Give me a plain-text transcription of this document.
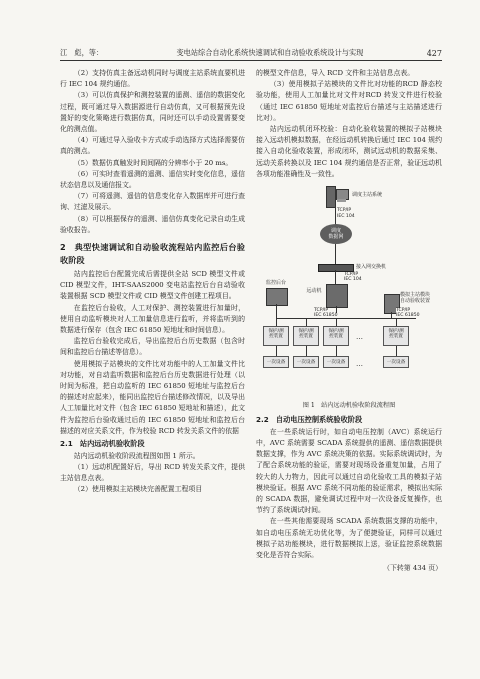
江　彪，等：	变电站综合自动化系统快速调试和自动验收系统设计与实现	427

（2）支持仿真主备远动机同时与调度主站系统直要机进行 IEC 104 规约通信。

（3）可以仿真保护和测控装置的遥测、遥信的数据变化过程，既可通过导入数据源进行自动仿真，又可根据预先设置好的变化策略进行数据仿真，同时还可以手动设置需要变化的测点值。

（4）可通过导入验收卡方式或手动选择方式选择需要仿真的测点。

（5）数据仿真触发时间间隔的分辨率小于 20 ms。

（6）可实时查看遥测的遥测、遥信实时变化信息，遥信状态信息以及通信报文。

（7）可将遥测、遥信的信息变化存入数据库并可进行查询、过滤及展示。

（8）可以根据保存的遥测、遥信仿真变化记录自动生成验收报告。

2　典型快速调试和自动验收流程站内监控后台验收阶段

站内监控后台配置完成后需提供全站 SCD 模型文件或 CID 模型文件，IHT-SAAS2000 变电站监控后台自动验收装置根据 SCD 模型文件或 CID 模型文件创建工程项目。

在监控后台验收，人工对保护、测控装置进行加量时，使用自动监听模块对人工加量信息进行监听，并将监听到的数据进行保存（包含 IEC 61850 短地址和时间信息）。

监控后台验收完成后，导出监控后台历史数据（包含时间和监控后台描述等信息）。

使用模拟子站模块的文件比对功能中的人工加量文件比对功能，对自动监听数据和监控后台历史数据进行处理（以时间为标准，把自动监听的 IEC 61850 短地址与监控后台的描述对应起来），能同出监控后台描述修改情况，以及导出人工加量比对文件（包含 IEC 61850 短地址和描述），此文件为监控后台验收通过后的 IEC 61850 短地址和监控后台描述的对应关系文件，作为校验 RCD 转发关系文件的依据

2.1　站内远动机验收阶段

站内远动机验收阶段流程图如图 1 所示。

（1）远动机配置好后，导出 RCD 转发关系文件，提供主站信息点表。

（2）使用模拟主站模块完善配置工程项目

的模型文件信息，导入 RCD 文件和主站信息点表。

（3）使用模拟子站模块的文件比对功能的RCD 静态校验功能，使用人工加量比对文件对RCD 转发文件进行校验（通过 IEC 61850 短地址对监控后台描述与主站描述进行比对）。

站内远动机闭环校验：自动化验收装置的模拟子站模块接入远动机模拟数据，在经远动机转换后通过 IEC 104 规约接入自动化验收装置，形成闭环，测试远动机的数据采集、远动关系转换以及 IEC 104 规约通信是否正常，验证远动机各项功能准确性及一致性。

调度主站系统
TCP/IP
IEC 104
调度
数据网
接入网交换机
TCP/IP
IEC 104
监控后台
远动机
模拟主站模块
自动验收装置
TCP/IP
IEC 61850
TCP/IP
IEC 61850
保护/测
控装置
保护/测
控装置
保护/测
控装置	…
保护/测
控装置
一次设备	一次设备	一次设备	…	一次设备

图 1　站内远动机验收阶段流程图

2.2　自动电压控制系统验收阶段

在一些系统运行时，如自动电压控制（AVC）系统运行中，AVC 系统需要 SCADA 系统提供的遥测、遥信数据提供数据支撑，作为 AVC 系统决策的依据。实际系统调试时，为了配合系统功能的验证，需要对现场设备重复加量，占用了较大的人力物力，因此可以通过自动化验收工具的模拟子站模块验证。根据 AVC 系统不同功能的验证需求，模拟出实际的 SCADA 数据，避免调试过程中对一次设备反复操作，也节约了系统调试时间。

在一些其他需要现场 SCADA 系统数据支撑的功能中，如自动电压系统无功优化等，为了便捷验证，同样可以通过模拟子站功能模块，进行数据模拟上送，验证监控系统数据变化是否符合实际。

（下转第 434 页）
